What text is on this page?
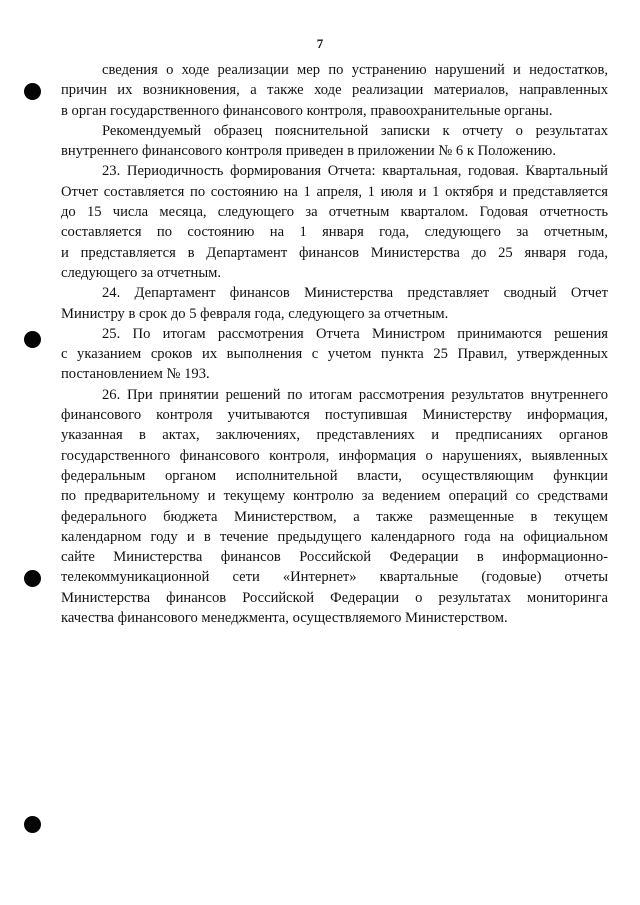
7
сведения о ходе реализации мер по устранению нарушений и недостатков,
причин их возникновения, а также ходе реализации материалов, направленных
в орган государственного финансового контроля, правоохранительные органы.
Рекомендуемый образец пояснительной записки к отчету о результатах
внутреннего финансового контроля приведен в приложении № 6 к Положению.
23. Периодичность формирования Отчета: квартальная, годовая. Квартальный
Отчет составляется по состоянию на 1 апреля, 1 июля и 1 октября и представляется
до 15 числа месяца, следующего за отчетным кварталом. Годовая отчетность
составляется по состоянию на 1 января года, следующего за отчетным,
и представляется в Департамент финансов Министерства до 25 января года,
следующего за отчетным.
24. Департамент финансов Министерства представляет сводный Отчет
Министру в срок до 5 февраля года, следующего за отчетным.
25. По итогам рассмотрения Отчета Министром принимаются решения
с указанием сроков их выполнения с учетом пункта 25 Правил, утвержденных
постановлением № 193.
26. При принятии решений по итогам рассмотрения результатов внутреннего
финансового контроля учитываются поступившая Министерству информация,
указанная в актах, заключениях, представлениях и предписаниях органов
государственного финансового контроля, информация о нарушениях, выявленных
федеральным органом исполнительной власти, осуществляющим функции
по предварительному и текущему контролю за ведением операций со средствами
федерального бюджета Министерством, а также размещенные в текущем
календарном году и в течение предыдущего календарного года на официальном
сайте Министерства финансов Российской Федерации в информационно-
телекоммуникационной сети «Интернет» квартальные (годовые) отчеты
Министерства финансов Российской Федерации о результатах мониторинга
качества финансового менеджмента, осуществляемого Министерством.
